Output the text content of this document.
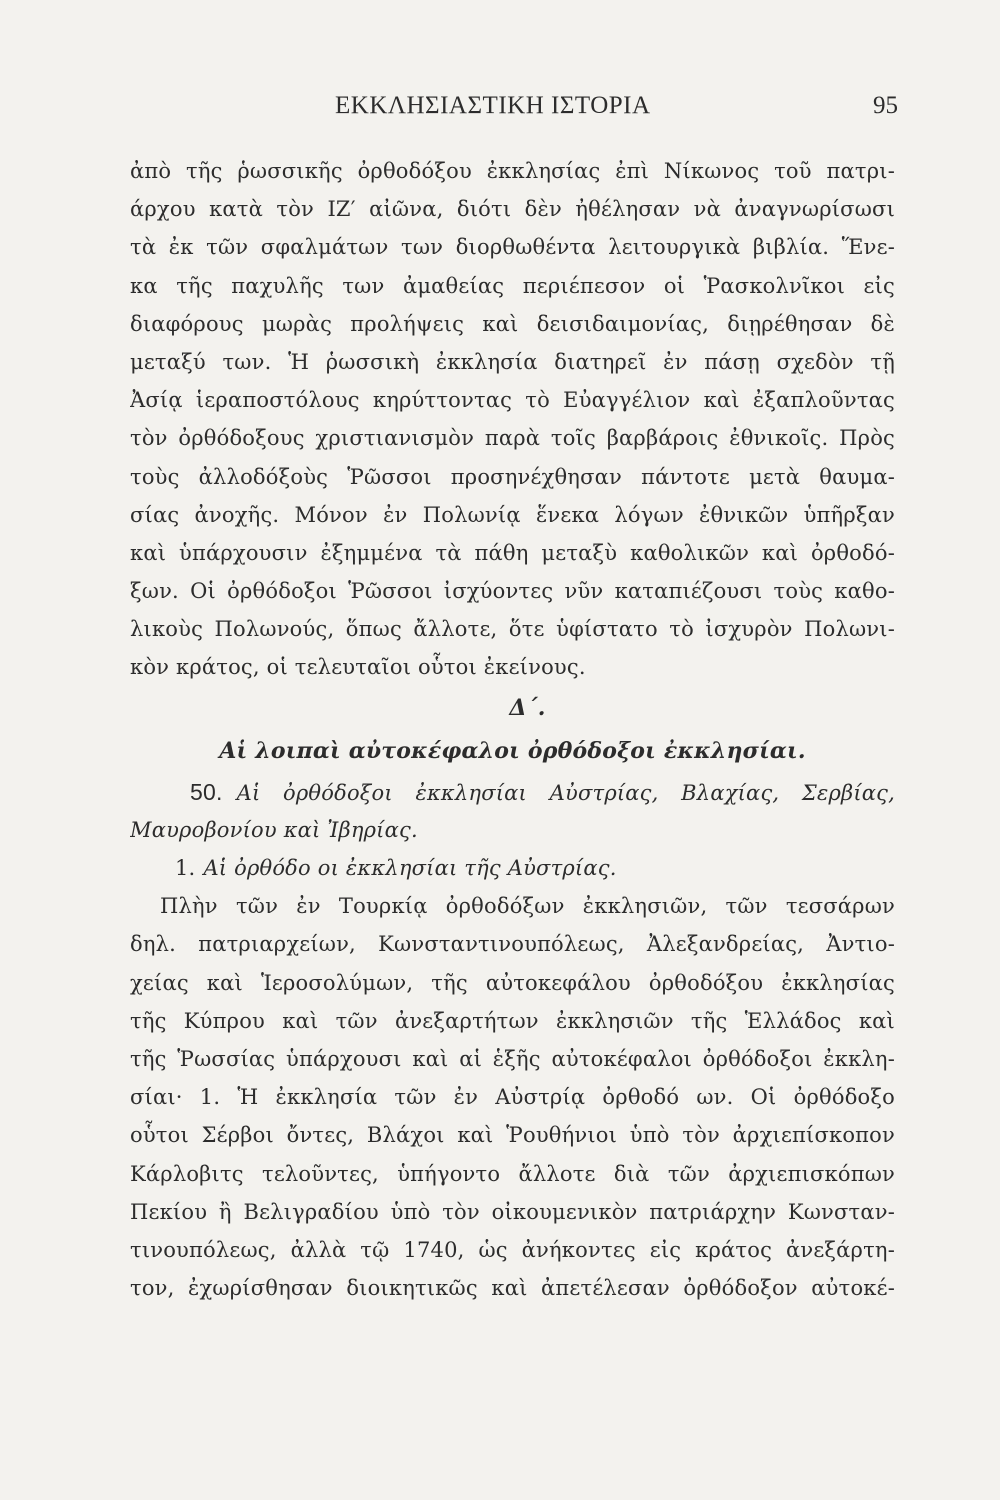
ΕΚΚΛΗΣΙΑΣΤΙΚΗ ΙΣΤΟΡΙΑ	95
ἀπὸ τῆς ῥωσσικῆς ὀρθοδόξου ἐκκλησίας ἐπὶ Νίκωνος τοῦ πατρι-
άρχου κατὰ τὸν ΙΖ′ αἰῶνα, διότι δὲν ἠθέλησαν νὰ ἀναγνωρίσωσι
τὰ ἐκ τῶν σφαλμάτων των διορθωθέντα λειτουργικὰ βιβλία. Ἕνε-
κα τῆς παχυλῆς των ἀμαθείας περιέπεσον οἱ Ῥασκολνῖκοι εἰς
διαφόρους μωρὰς προλήψεις καὶ δεισιδαιμονίας, διῃρέθησαν δὲ
μεταξύ των. Ἡ ῥωσσικὴ ἐκκλησία διατηρεῖ ἐν πάσῃ σχεδὸν τῇ
Ἀσίᾳ ἱεραποστόλους κηρύττοντας τὸ Εὐαγγέλιον καὶ ἐξαπλοῦντας
τὸν ὀρθόδοξους χριστιανισμὸν παρὰ τοῖς βαρβάροις ἐθνικοῖς. Πρὸς
τοὺς ἀλλοδόξοὺς Ῥῶσσοι προσηνέχθησαν πάντοτε μετὰ θαυμα-
σίας ἀνοχῆς. Μόνον ἐν Πολωνίᾳ ἕνεκα λόγων ἐθνικῶν ὑπῆρξαν
καὶ ὑπάρχουσιν ἐξημμένα τὰ πάθη μεταξὺ καθολικῶν καὶ ὀρθοδό-
ξων. Οἱ ὀρθόδοξοι Ῥῶσσοι ἰσχύοντες νῦν καταπιέζουσι τοὺς καθο-
λικοὺς Πολωνούς, ὅπως ἄλλοτε, ὅτε ὑφίστατο τὸ ἰσχυρὸν Πολωνι-
κὸν κράτος, οἱ τελευταῖοι οὗτοι ἐκείνους.
Δ΄.
Αἱ λοιπαὶ αὐτοκέφαλοι ὀρθόδοξοι ἐκκλησίαι.
50. Αἱ ὀρθόδοξοι ἐκκλησίαι Αὐστρίας, Βλαχίας, Σερβίας,
Μαυροβονίου καὶ Ἰβηρίας.
1. Αἱ ὀρθόδο οι ἐκκλησίαι τῆς Αὐστρίας.
Πλὴν τῶν ἐν Τουρκίᾳ ὀρθοδόξων ἐκκλησιῶν, τῶν τεσσάρων
δηλ. πατριαρχείων, Κωνσταντινουπόλεως, Ἀλεξανδρείας, Ἀντιο-
χείας καὶ Ἱεροσολύμων, τῆς αὐτοκεφάλου ὀρθοδόξου ἐκκλησίας
τῆς Κύπρου καὶ τῶν ἀνεξαρτήτων ἐκκλησιῶν τῆς Ἑλλάδος καὶ
τῆς Ῥωσσίας ὑπάρχουσι καὶ αἱ ἑξῆς αὐτοκέφαλοι ὀρθόδοξοι ἐκκλη-
σίαι· 1. Ἡ ἐκκλησία τῶν ἐν Αὐστρίᾳ ὀρθοδό ων. Οἱ ὀρθόδοξο
οὗτοι Σέρβοι ὄντες, Βλάχοι καὶ Ῥουθήνιοι ὑπὸ τὸν ἀρχιεπίσκοπον
Κάρλοβιτς τελοῦντες, ὑπήγοντο ἄλλοτε διὰ τῶν ἀρχιεπισκόπων
Πεκίου ἢ Βελιγραδίου ὑπὸ τὸν οἰκουμενικὸν πατριάρχην Κωνσταν-
τινουπόλεως, ἀλλὰ τῷ 1740, ὡς ἀνήκοντες εἰς κράτος ἀνεξάρτη-
τον, ἐχωρίσθησαν διοικητικῶς καὶ ἀπετέλεσαν ὀρθόδοξον αὐτοκέ-
